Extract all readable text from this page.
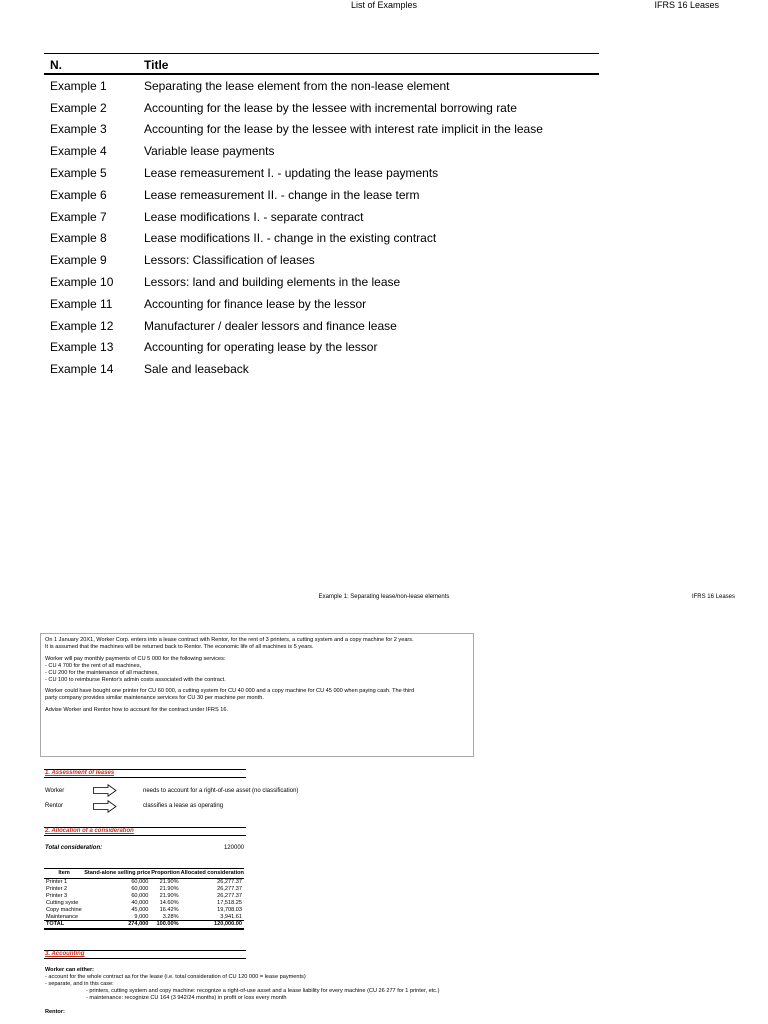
List of Examples	IFRS 16 Leases
N.	Title
Example 1	Separating the lease element from the non-lease element
Example 2	Accounting for the lease by the lessee with incremental borrowing rate
Example 3	Accounting for the lease by the lessee with interest rate implicit in the lease
Example 4	Variable lease payments
Example 5	Lease remeasurement I. - updating the lease payments
Example 6	Lease remeasurement II. - change in the lease term
Example 7	Lease modifications I. - separate contract
Example 8	Lease modifications II. - change in the existing contract
Example 9	Lessors: Classification of leases
Example 10	Lessors: land and building elements in the lease
Example 11	Accounting for finance lease by the lessor
Example 12	Manufacturer / dealer lessors and finance lease
Example 13	Accounting for operating lease by the lessor
Example 14	Sale and leaseback
Example 1: Separating lease/non-lease elements	IFRS 16 Leases

On 1 January 20X1, Worker Corp. enters into a lease contract with Rentor, for the rent of 3 printers, a cutting system and a copy machine for 2 years.
It is assumed that the machines will be returned back to Rentor. The economic life of all machines is 5 years.

Worker will pay monthly payments of CU 5 000 for the following services:
- CU 4 700 for the rent of all machines,
- CU 200 for the maintenance of all machines,
- CU 100 to reimburse Rentor's admin costs associated with the contract.

Worker could have bought one printer for CU 60 000, a cutting system for CU 40 000 and a copy machine for CU 45 000 when paying cash. The third
party company provides similar maintenance services for CU 30 per machine per month.

Advise Worker and Rentor how to account for the contract under IFRS 16.

1. Assessment of leases
Worker	needs to account for a right-of-use asset (no classification)
Rentor	classifies a lease as operating
2. Allocation of a consideration
Total consideration:	120000
Item	Stand-alone selling price	Proportion	Allocated consideration
Printer 1	60,000	21.90%	26,277.37
Printer 2	60,000	21.90%	26,277.37
Printer 3	60,000	21.90%	26,277.37
Cutting syste	40,000	14.60%	17,518.25
Copy machine	45,000	16.42%	19,708.03
Maintenance	9,000	3.28%	3,941.61
TOTAL	274,000	100.00%	120,000.00
3. Accounting
Worker can either:
- account for the whole contract as for the lease (i.e. total consideration of CU 120 000 = lease payments)
- separate, and in this case:
- printers, cutting system and copy machine: recognize a right-of-use asset and a lease liability for every machine (CU 26 277 for 1 printer, etc.)
- maintenance: recognize CU 164 (3 942/24 months) in profit or loss every month
Rentor:
